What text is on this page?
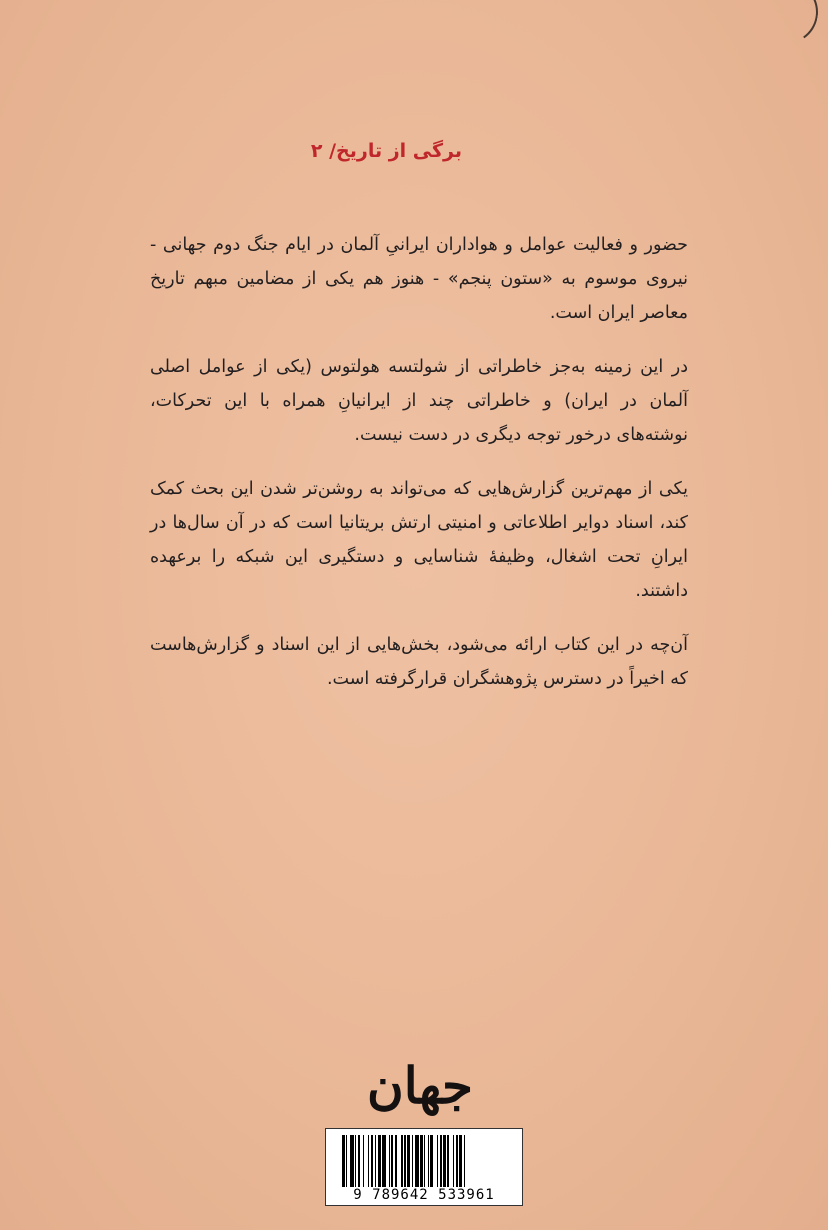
برگی از تاریخ/ ۲

حضور و فعالیت عوامل و هواداران ایرانیِ آلمان در ایام جنگ دوم جهانی - نیروی موسوم به «ستون پنجم» - هنوز هم یکی از مضامین مبهم تاریخ معاصر ایران است.

در این زمینه به‌جز خاطراتی از شولتسه هولتوس (یکی از عوامل اصلی آلمان در ایران) و خاطراتی چند از ایرانیانِ همراه با این تحرکات، نوشته‌های درخور توجه دیگری در دست نیست.

یکی از مهم‌ترین گزارش‌هایی که می‌تواند به روشن‌تر شدن این بحث کمک کند، اسناد دوایر اطلاعاتی و امنیتی ارتش بریتانیا است که در آن سال‌ها در ایرانِ تحت اشغال، وظیفهٔ شناسایی و دستگیری این شبکه را برعهده داشتند.

آن‌چه در این کتاب ارائه می‌شود، بخش‌هایی از این اسناد و گزارش‌هاست که اخیراً در دسترس پژوهشگران قرارگرفته است.

جهان
9 789642 533961
